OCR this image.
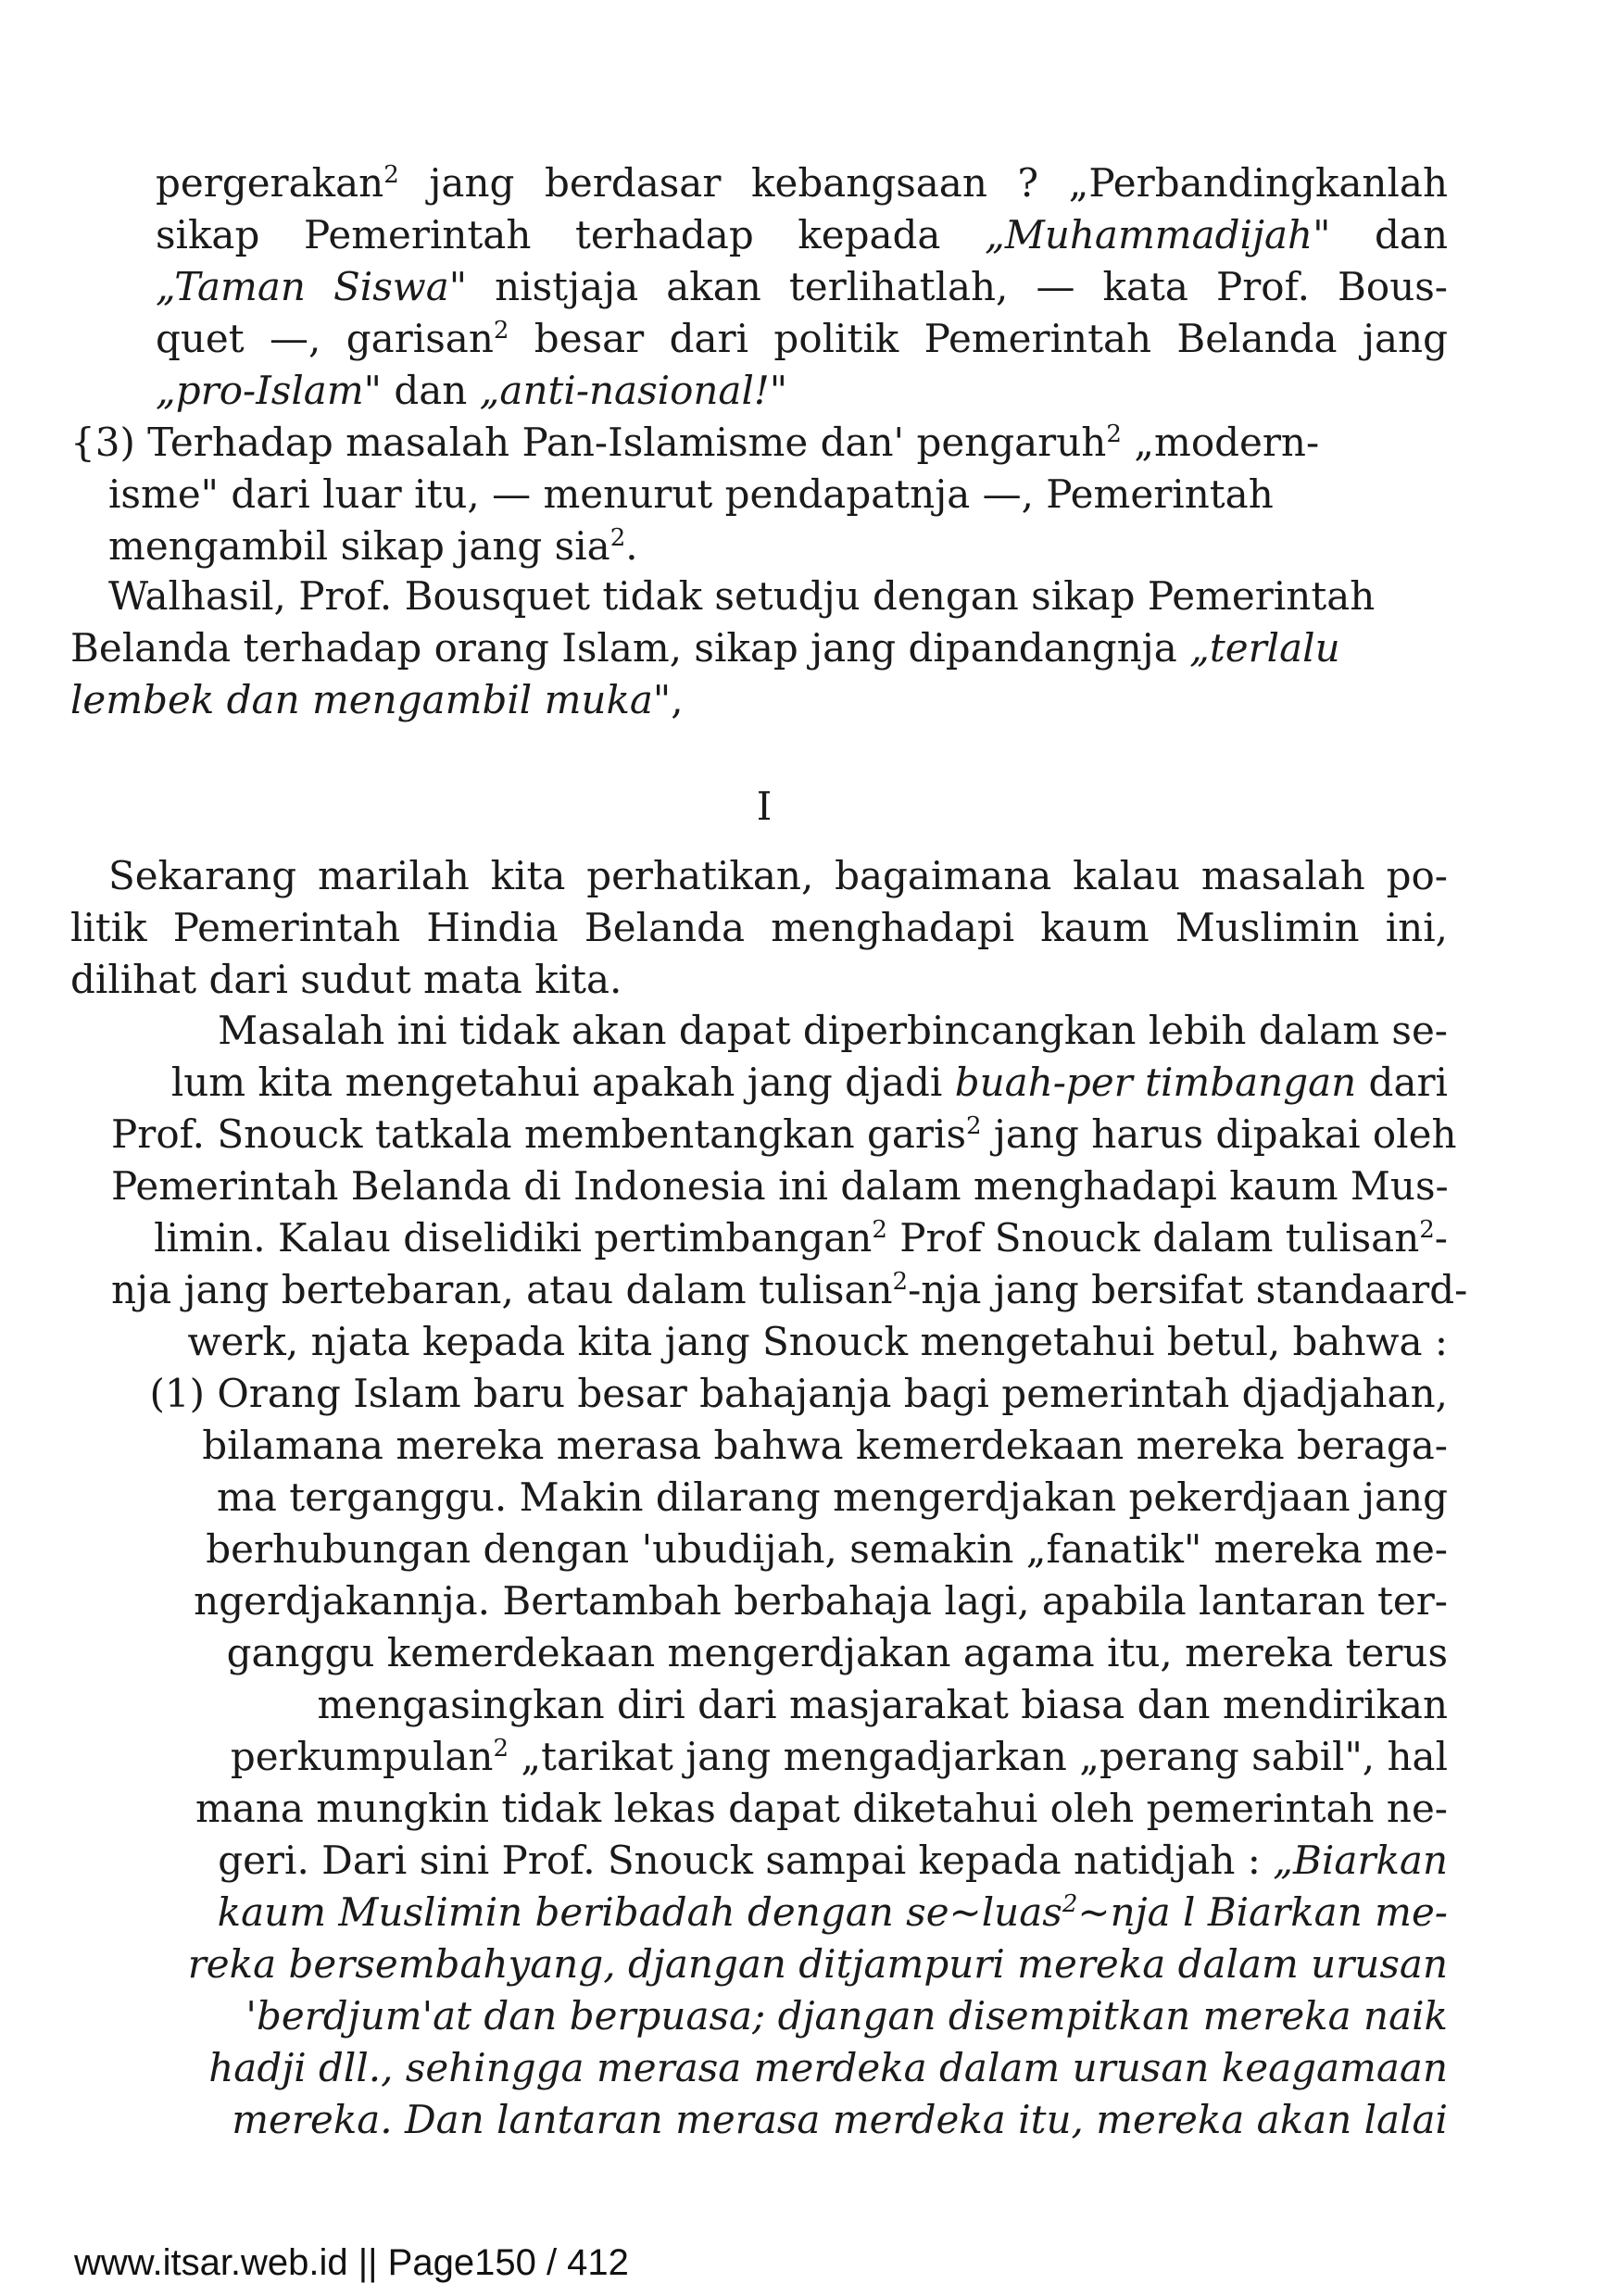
pergerakan$^2$ jang berdasar kebangsaan ? „Perbandingkanlah

sikap Pemerintah terhadap kepada „Muhammadijah" dan

„Taman Siswa" nistjaja akan terlihatlah, — kata Prof. Bous-

quet —, garisan$^2$ besar dari politik Pemerintah Belanda jang

„pro-Islam" dan „anti-nasional!"

{3) Terhadap masalah Pan-Islamisme dan' pengaruh$^2$ „modern-

isme" dari luar itu, — menurut pendapatnja —, Pemerintah

mengambil sikap jang sia$^2$.

Walhasil, Prof. Bousquet tidak setudju dengan sikap Pemerintah

Belanda terhadap orang Islam, sikap jang dipandangnja „terlalu

lembek dan mengambil muka",

I

Sekarang marilah kita perhatikan, bagaimana kalau masalah po-

litik Pemerintah Hindia Belanda menghadapi kaum Muslimin ini,

dilihat dari sudut mata kita.

Masalah ini tidak akan dapat diperbincangkan lebih dalam se-

lum kita mengetahui apakah jang djadi buah-per timbangan dari

Prof. Snouck tatkala membentangkan garis$^2$ jang harus dipakai oleh

Pemerintah Belanda di Indonesia ini dalam menghadapi kaum Mus-

limin. Kalau diselidiki pertimbangan$^2$ Prof Snouck dalam tulisan$^2$-

nja jang bertebaran, atau dalam tulisan$^2$-nja jang bersifat standaard-

werk, njata kepada kita jang Snouck mengetahui betul, bahwa :

(1) Orang Islam baru besar bahajanja bagi pemerintah djadjahan,

bilamana mereka merasa bahwa kemerdekaan mereka beraga-

ma terganggu. Makin dilarang mengerdjakan pekerdjaan jang

berhubungan dengan 'ubudijah, semakin „fanatik" mereka me-

ngerdjakannja. Bertambah berbahaja lagi, apabila lantaran ter-

ganggu kemerdekaan mengerdjakan agama itu, mereka terus

mengasingkan diri dari masjarakat biasa dan mendirikan

perkumpulan$^2$ „tarikat jang mengadjarkan „perang sabil", hal

mana mungkin tidak lekas dapat diketahui oleh pemerintah ne-

geri. Dari sini Prof. Snouck sampai kepada natidjah : „Biarkan

kaum Muslimin beribadah dengan se~luas$^2$~nja l Biarkan me-

reka bersembahyang, djangan ditjampuri mereka dalam urusan

'berdjum'at dan berpuasa; djangan disempitkan mereka naik

hadji dll., sehingga merasa merdeka dalam urusan keagamaan

mereka. Dan lantaran merasa merdeka itu, mereka akan lalai

www.itsar.web.id || Page150 / 412
